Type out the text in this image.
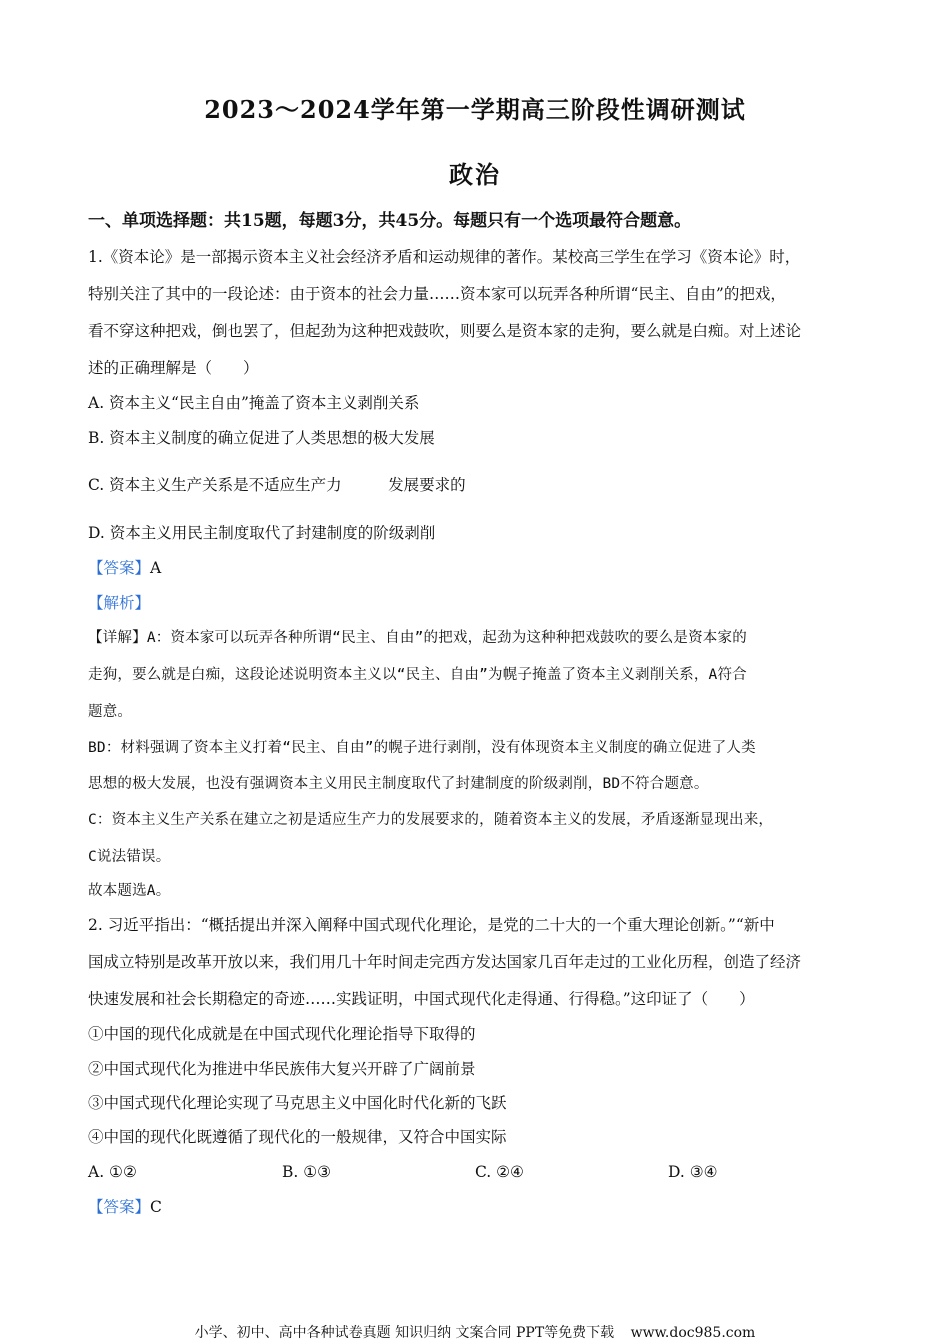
2023～2024学年第一学期高三阶段性调研测试
政治
一、单项选择题：共15题，每题3分，共45分。每题只有一个选项最符合题意。
1.《资本论》是一部揭示资本主义社会经济矛盾和运动规律的著作。某校高三学生在学习《资本论》时，
特别关注了其中的一段论述：由于资本的社会力量……资本家可以玩弄各种所谓“民主、自由”的把戏，
看不穿这种把戏，倒也罢了，但起劲为这种把戏鼓吹，则要么是资本家的走狗，要么就是白痴。对上述论
述的正确理解是（　　）
A. 资本主义“民主自由”掩盖了资本主义剥削关系
B. 资本主义制度的确立促进了人类思想的极大发展
C. 资本主义生产关系是不适应生产力　　　发展要求的
D. 资本主义用民主制度取代了封建制度的阶级剥削
【答案】A
【解析】
【详解】A：资本家可以玩弄各种所谓“民主、自由”的把戏，起劲为这种种把戏鼓吹的要么是资本家的
走狗，要么就是白痴，这段论述说明资本主义以“民主、自由”为幌子掩盖了资本主义剥削关系，A符合
题意。
BD：材料强调了资本主义打着“民主、自由”的幌子进行剥削，没有体现资本主义制度的确立促进了人类
思想的极大发展，也没有强调资本主义用民主制度取代了封建制度的阶级剥削，BD不符合题意。
C：资本主义生产关系在建立之初是适应生产力的发展要求的，随着资本主义的发展，矛盾逐渐显现出来，
C说法错误。
故本题选A。
2. 习近平指出：“概括提出并深入阐释中国式现代化理论，是党的二十大的一个重大理论创新。”“新中
国成立特别是改革开放以来，我们用几十年时间走完西方发达国家几百年走过的工业化历程，创造了经济
快速发展和社会长期稳定的奇迹……实践证明，中国式现代化走得通、行得稳。”这印证了（　　）
①中国的现代化成就是在中国式现代化理论指导下取得的
②中国式现代化为推进中华民族伟大复兴开辟了广阔前景
③中国式现代化理论实现了马克思主义中国化时代化新的飞跃
④中国的现代化既遵循了现代化的一般规律，又符合中国实际
A. ①②	B. ①③	C. ②④	D. ③④
【答案】C
小学、初中、高中各种试卷真题 知识归纳 文案合同 PPT等免费下载 www.doc985.com
